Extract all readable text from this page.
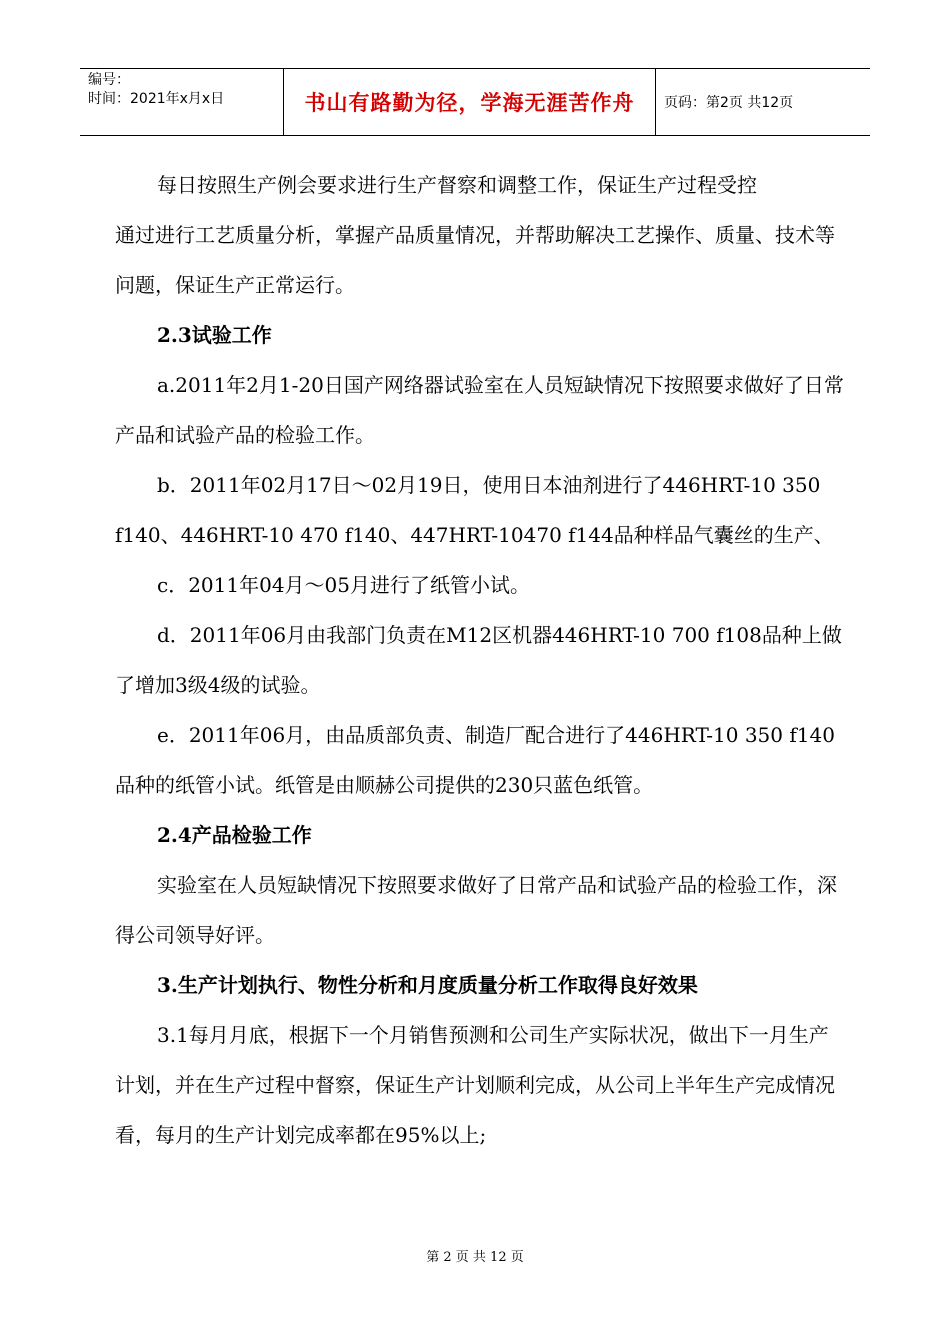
编号：
时间：2021年x月x日	书山有路勤为径，学海无涯苦作舟 页码：第2页 共12页

每日按照生产例会要求进行生产督察和调整工作，保证生产过程受控

通过进行工艺质量分析，掌握产品质量情况，并帮助解决工艺操作、质量、技术等问题，保证生产正常运行。

2.3试验工作

a.2011年2月1-20日国产网络器试验室在人员短缺情况下按照要求做好了日常产品和试验产品的检验工作。

b．2011年02月17日～02月19日，使用日本油剂进行了446HRT-10 350 f140、446HRT-10 470 f140、447HRT-10470 f144品种样品气囊丝的生产、

c．2011年04月～05月进行了纸管小试。

d．2011年06月由我部门负责在M12区机器446HRT-10 700 f108品种上做了增加3级4级的试验。

e．2011年06月，由品质部负责、制造厂配合进行了446HRT-10 350 f140品种的纸管小试。纸管是由顺赫公司提供的230只蓝色纸管。

2.4产品检验工作

实验室在人员短缺情况下按照要求做好了日常产品和试验产品的检验工作，深得公司领导好评。

3.生产计划执行、物性分析和月度质量分析工作取得良好效果

3.1每月月底，根据下一个月销售预测和公司生产实际状况，做出下一月生产计划，并在生产过程中督察，保证生产计划顺利完成，从公司上半年生产完成情况看，每月的生产计划完成率都在95%以上;

第 2 页 共 12 页
